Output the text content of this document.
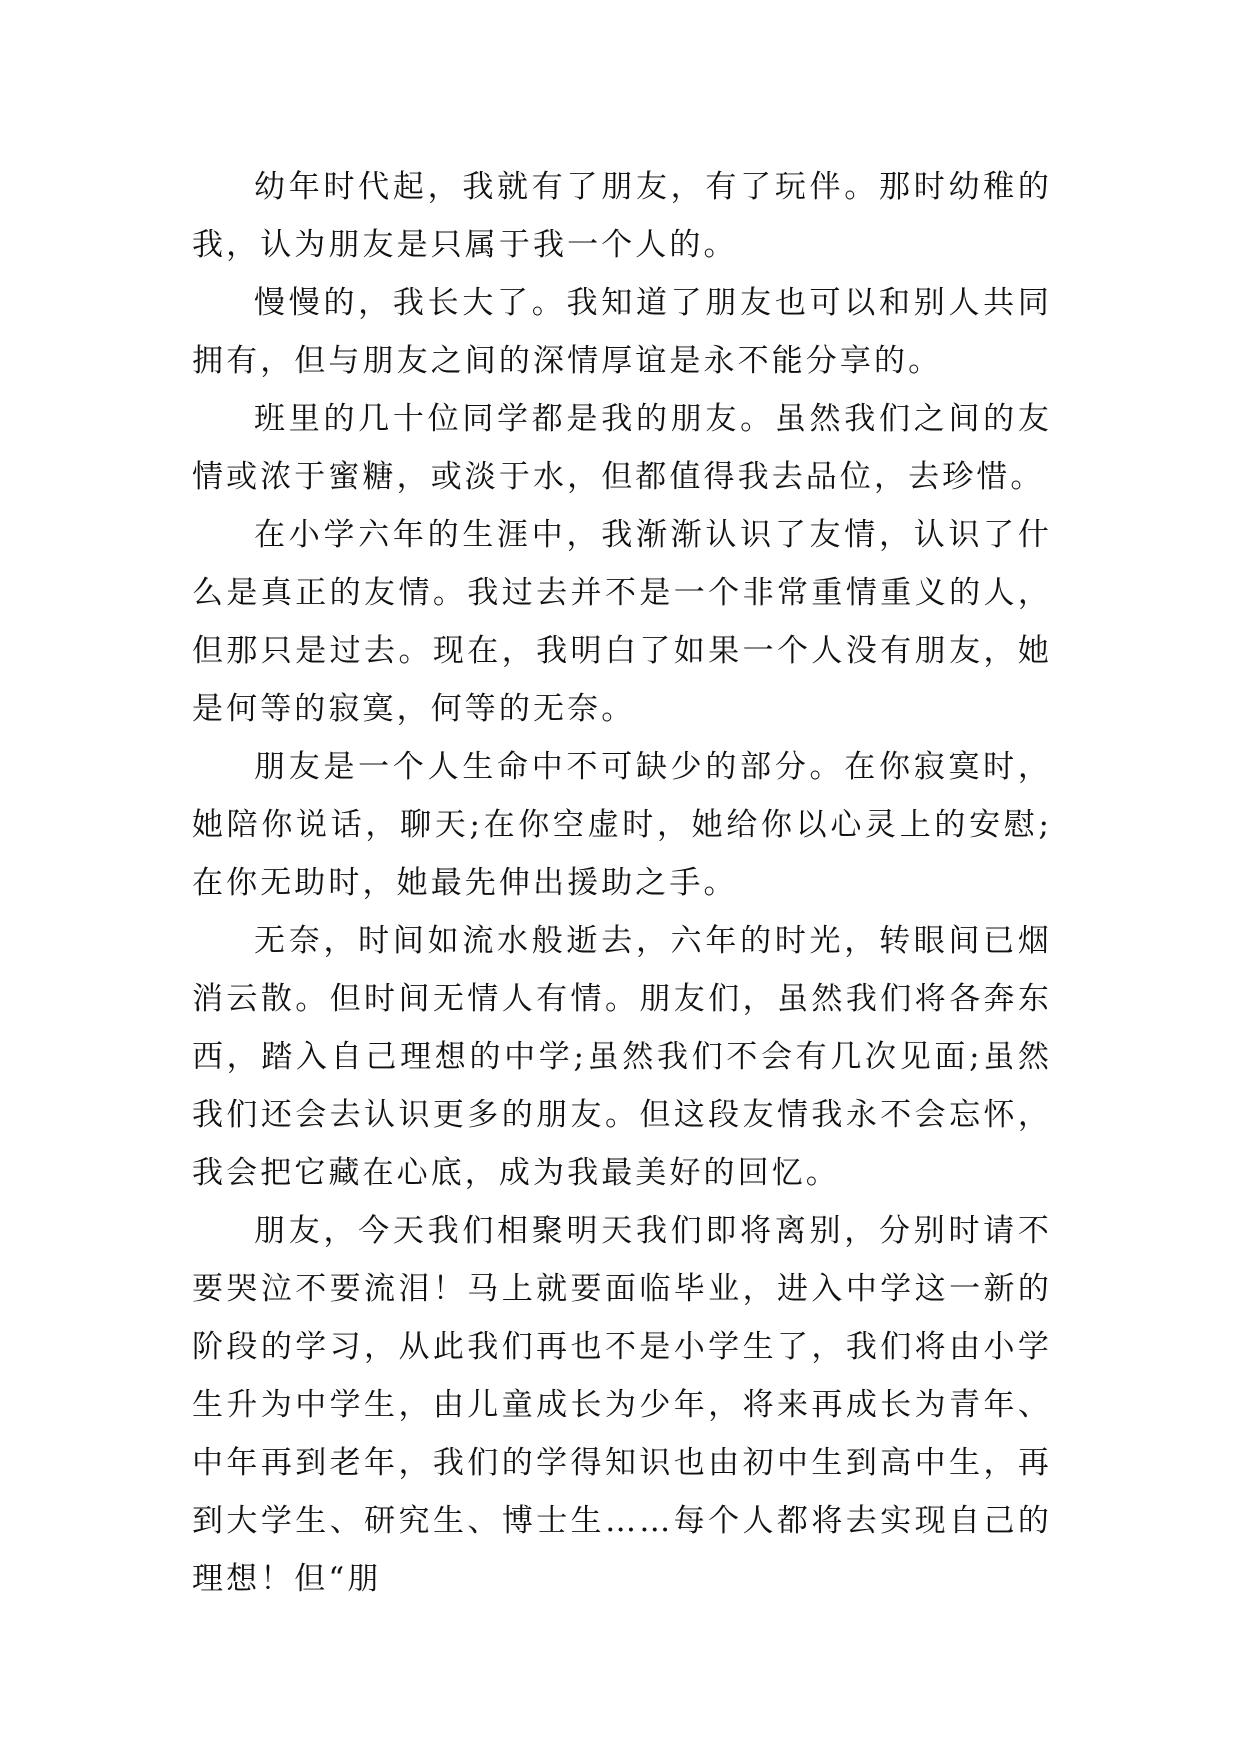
幼年时代起，我就有了朋友，有了玩伴。那时幼稚的我，认为朋友是只属于我一个人的。

慢慢的，我长大了。我知道了朋友也可以和别人共同拥有，但与朋友之间的深情厚谊是永不能分享的。

班里的几十位同学都是我的朋友。虽然我们之间的友情或浓于蜜糖，或淡于水，但都值得我去品位，去珍惜。

在小学六年的生涯中，我渐渐认识了友情，认识了什么是真正的友情。我过去并不是一个非常重情重义的人，但那只是过去。现在，我明白了如果一个人没有朋友，她是何等的寂寞，何等的无奈。

朋友是一个人生命中不可缺少的部分。在你寂寞时，她陪你说话，聊天;在你空虚时，她给你以心灵上的安慰;在你无助时，她最先伸出援助之手。

无奈，时间如流水般逝去，六年的时光，转眼间已烟消云散。但时间无情人有情。朋友们，虽然我们将各奔东西，踏入自己理想的中学;虽然我们不会有几次见面;虽然我们还会去认识更多的朋友。但这段友情我永不会忘怀，我会把它藏在心底，成为我最美好的回忆。

朋友，今天我们相聚明天我们即将离别，分别时请不要哭泣不要流泪！马上就要面临毕业，进入中学这一新的阶段的学习，从此我们再也不是小学生了，我们将由小学生升为中学生，由儿童成长为少年，将来再成长为青年、中年再到老年，我们的学得知识也由初中生到高中生，再到大学生、研究生、博士生……每个人都将去实现自己的理想！但“朋
